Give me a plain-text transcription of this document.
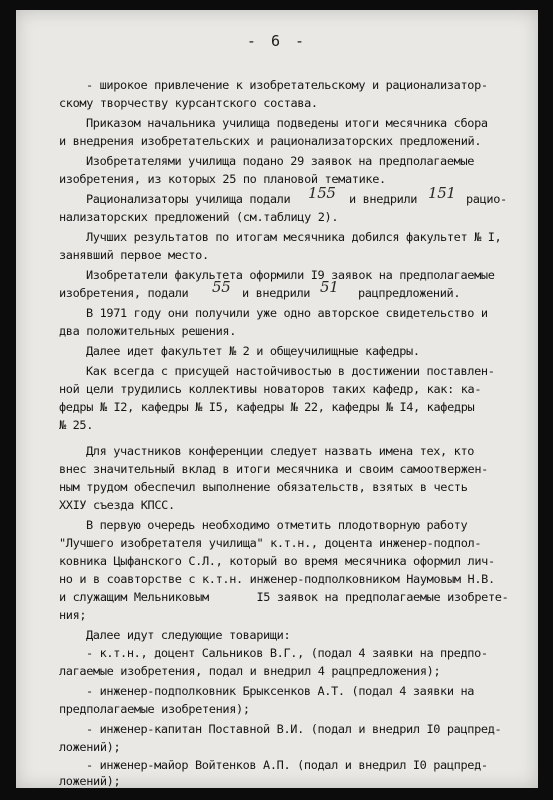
- 6 -
- широкое привлечение к изобретательскому и рационализатор-
скому творчеству курсантского состава.
Приказом начальника училища подведены итоги месячника сбора
и внедрения изобретательских и рационализаторских предложений.
Изобретателями училища подано 29 заявок на предполагаемые
изобретения, из которых 25 по плановой тематике.
Рационализаторы училища подали 155 и внедрили 151 рацио-
нализаторских предложений (см.таблицу 2).
Лучших результатов по итогам месячника добился факультет № I,
занявший первое место.
Изобретатели факультета оформили I9 заявок на предполагаемые
изобретения, подали 55 и внедрили 51 рацпредложений.
В 1971 году они получили уже одно авторское свидетельство и
два положительных решения.
Далее идет факультет № 2 и общеучилищные кафедры.
Как всегда с присущей настойчивостью в достижении поставлен-
ной цели трудились коллективы новаторов таких кафедр, как: ка-
федры № I2, кафедры № I5, кафедры № 22, кафедры № I4, кафедры
№ 25.
Для участников конференции следует назвать имена тех, кто
внес значительный вклад в итоги месячника и своим самоотвержен-
ным трудом обеспечил выполнение обязательств, взятых в честь
XXIУ съезда КПСС.
В первую очередь необходимо отметить плодотворную работу
"Лучшего изобретателя училища" к.т.н., доцента инженер-подпол-
ковника Цыфанского С.Л., который во время месячника оформил лич-
но и в соавторстве с к.т.н. инженер-подполковником Наумовым Н.В.
и служащим Мельниковым       I5 заявок на предполагаемые изобрете-
ния;
Далее идут следующие товарищи:
- к.т.н., доцент Сальников В.Г., (подал 4 заявки на предпо-
лагаемые изобретения, подал и внедрил 4 рацпредложения);
- инженер-подполковник Брыксенков А.Т. (подал 4 заявки на
предполагаемые изобретения);
- инженер-капитан Поставной В.И. (подал и внедрил I0 рацпред-
ложений);
- инженер-майор Войтенков А.П. (подал и внедрил I0 рацпред-
ложений);
